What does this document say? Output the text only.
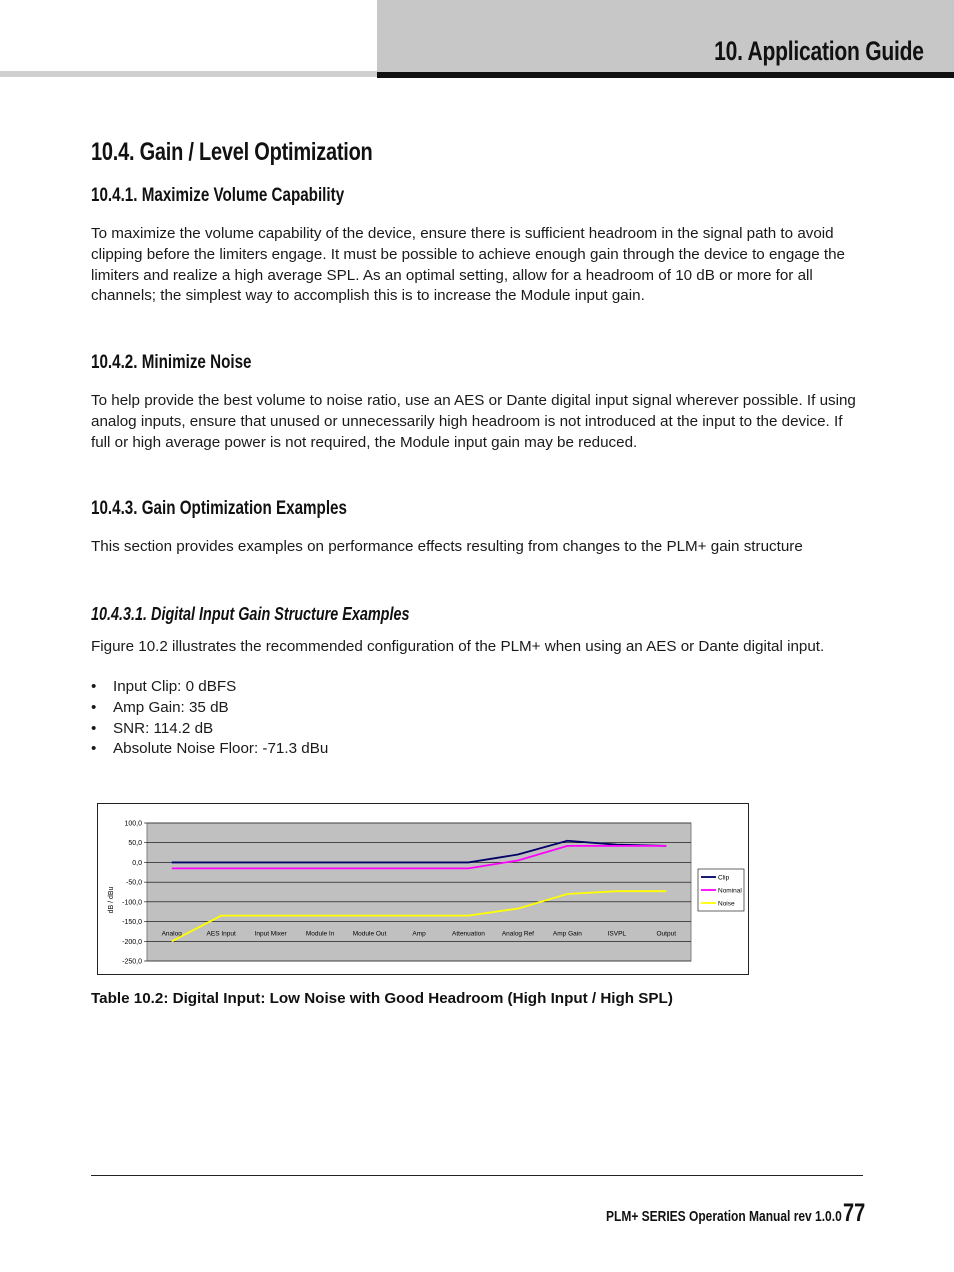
10. Application Guide
10.4. Gain / Level Optimization
10.4.1. Maximize Volume Capability
To maximize the volume capability of the device, ensure there is sufficient headroom in the signal path to avoid clipping before the limiters engage. It must be possible to achieve enough gain through the device to engage the limiters and realize a high average SPL. As an optimal setting, allow for a headroom of 10 dB or more for all channels; the simplest way to accomplish this is to increase the Module input gain.
10.4.2. Minimize Noise
To help provide the best volume to noise ratio, use an AES or Dante digital input signal wherever possible. If using analog inputs, ensure that unused or unnecessarily high headroom is not introduced at the input to the device. If full or high average power is not required, the Module input gain may be reduced.
10.4.3. Gain Optimization Examples
This section provides examples on performance effects resulting from changes to the PLM+ gain structure
10.4.3.1. Digital Input Gain Structure Examples
Figure 10.2 illustrates the recommended configuration of the PLM+ when using an AES or Dante digital input.
• Input Clip: 0 dBFS
• Amp Gain: 35 dB
• SNR: 114.2 dB
• Absolute Noise Floor: -71.3 dBu
100,0
50,0
0,0
-50,0
-100,0
-150,0
-200,0
-250,0
dB / dBu
Analog	AES Input	Input Mixer	Module In	Module Out	Amp	Attenuation	Analog Ref	Amp Gain	ISVPL	Output
Clip
Nominal
Noise
Table 10.2: Digital Input: Low Noise with Good Headroom (High Input / High SPL)
PLM+ SERIES Operation Manual rev 1.0.0 77
